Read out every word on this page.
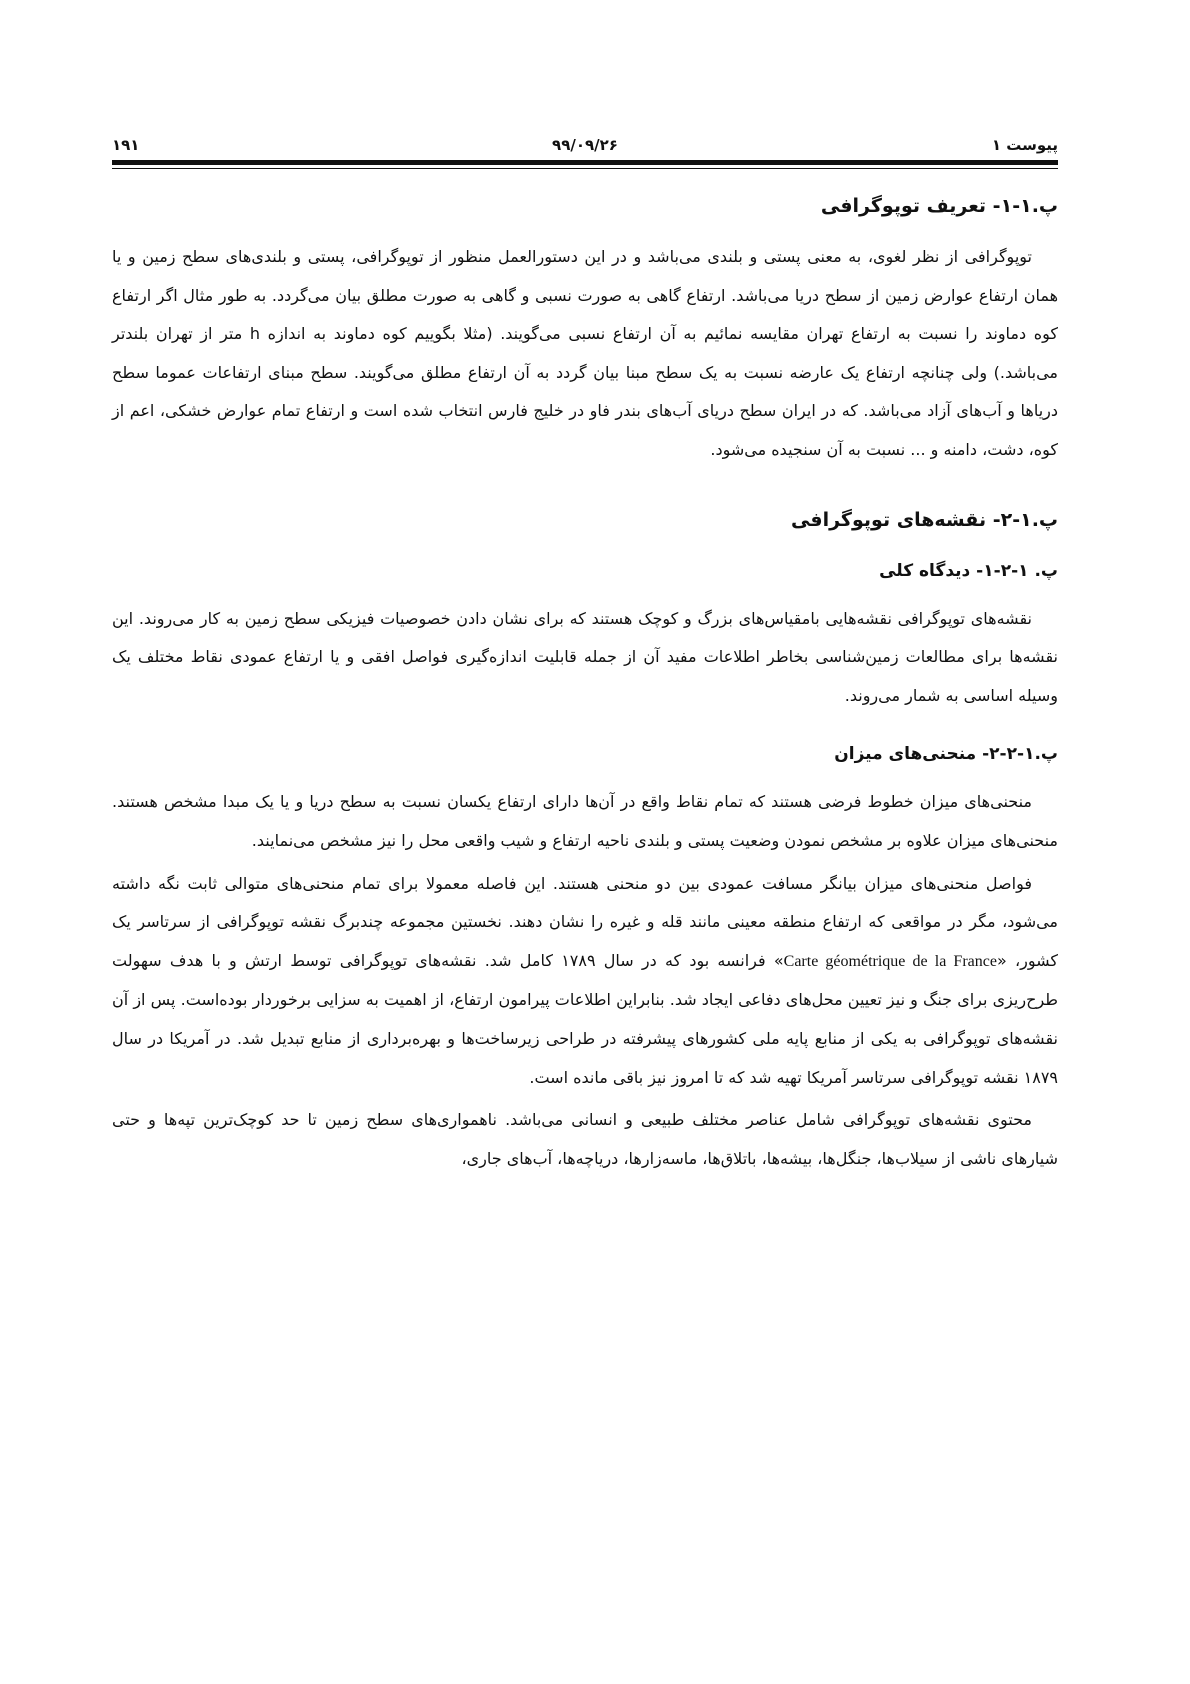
پیوست ۱
۹۹/۰۹/۲۶
۱۹۱
پ.۱-۱- تعریف توپوگرافی

توپوگرافی از نظر لغوی، به معنی پستی و بلندی می‌باشد و در این دستورالعمل منظور از توپوگرافی، پستی و بلندی‌های سطح زمین و یا همان ارتفاع عوارض زمین از سطح دریا می‌باشد. ارتفاع گاهی به صورت نسبی و گاهی به صورت مطلق بیان می‌گردد. به طور مثال اگر ارتفاع کوه دماوند را نسبت به ارتفاع تهران مقایسه نمائیم به آن ارتفاع نسبی می‌گویند. (مثلا بگوییم کوه دماوند به اندازه h متر از تهران بلندتر می‌باشد.) ولی چنانچه ارتفاع یک عارضه نسبت به یک سطح مبنا بیان گردد به آن ارتفاع مطلق می‌گویند. سطح مبنای ارتفاعات عموما سطح دریاها و آب‌های آزاد می‌باشد. که در ایران سطح دریای آب‌های بندر فاو در خلیج فارس انتخاب شده است و ارتفاع تمام عوارض خشکی، اعم از کوه، دشت، دامنه و ... نسبت به آن سنجیده می‌شود.

پ.۱-۲- نقشه‌های توپوگرافی
پ. ۱-۲-۱- دیدگاه کلی

نقشه‌های توپوگرافی نقشه‌هایی بامقیاس‌های بزرگ و کوچک هستند که برای نشان دادن خصوصیات فیزیکی سطح زمین به کار می‌روند. این نقشه‌ها برای مطالعات زمین‌شناسی بخاطر اطلاعات مفید آن از جمله قابلیت اندازه‌گیری فواصل افقی و یا ارتفاع عمودی نقاط مختلف یک وسیله اساسی به شمار می‌روند.

پ.۱-۲-۲- منحنی‌های میزان

منحنی‌های میزان خطوط فرضی هستند که تمام نقاط واقع در آن‌ها دارای ارتفاع یکسان نسبت به سطح دریا و یا یک مبدا مشخص هستند. منحنی‌های میزان علاوه بر مشخص نمودن وضعیت پستی و بلندی ناحیه ارتفاع و شیب واقعی محل را نیز مشخص می‌نمایند.

فواصل منحنی‌های میزان بیانگر مسافت عمودی بین دو منحنی هستند. این فاصله معمولا برای تمام منحنی‌های متوالی ثابت نگه داشته می‌شود، مگر در مواقعی که ارتفاع منطقه معینی مانند قله و غیره را نشان دهند. نخستین مجموعه چندبرگ نقشه توپوگرافی از سرتاسر یک کشور، «Carte géométrique de la France» فرانسه بود که در سال ۱۷۸۹ کامل شد. نقشه‌های توپوگرافی توسط ارتش و با هدف سهولت طرح‌ریزی برای جنگ و نیز تعیین محل‌های دفاعی ایجاد شد. بنابراین اطلاعات پیرامون ارتفاع، از اهمیت به سزایی برخوردار بوده‌است. پس از آن نقشه‌های توپوگرافی به یکی از منابع پایه ملی کشورهای پیشرفته در طراحی زیرساخت‌ها و بهره‌برداری از منابع تبدیل شد. در آمریکا در سال ۱۸۷۹ نقشه توپوگرافی سرتاسر آمریکا تهیه شد که تا امروز نیز باقی مانده است.

محتوی نقشه‌های توپوگرافی شامل عناصر مختلف طبیعی و انسانی می‌باشد. ناهمواری‌های سطح زمین تا حد کوچک‌ترین تپه‌ها و حتی شیارهای ناشی از سیلاب‌ها، جنگل‌ها، بیشه‌ها، باتلاق‌ها، ماسه‌زارها، دریاچه‌ها، آب‌های جاری،
